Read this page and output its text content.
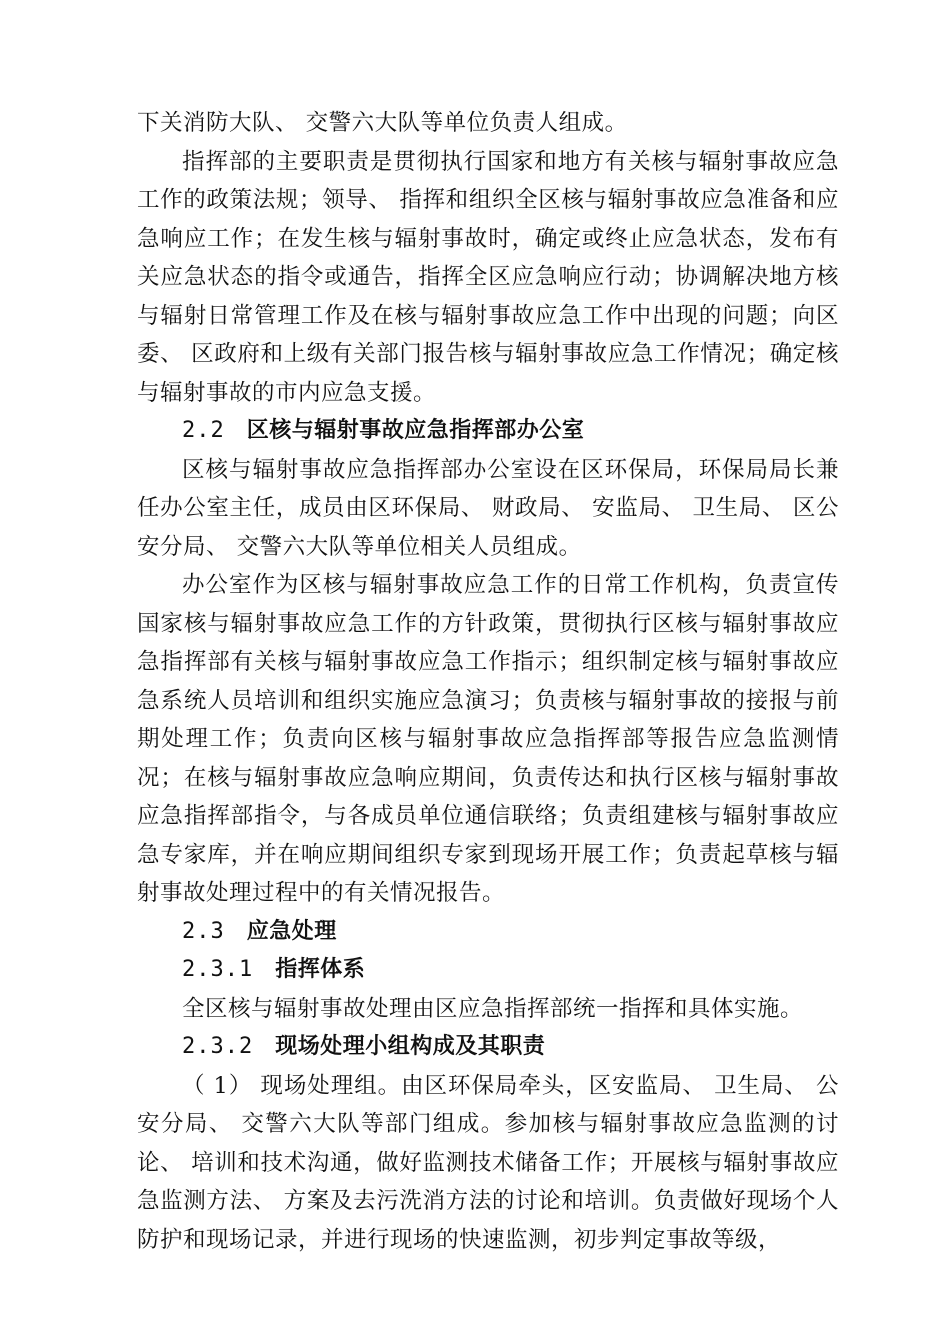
下关消防大队、 交警六大队等单位负责人组成。

指挥部的主要职责是贯彻执行国家和地方有关核与辐射事故应急工作的政策法规；领导、 指挥和组织全区核与辐射事故应急准备和应急响应工作；在发生核与辐射事故时，确定或终止应急状态，发布有关应急状态的指令或通告，指挥全区应急响应行动；协调解决地方核与辐射日常管理工作及在核与辐射事故应急工作中出现的问题；向区委、 区政府和上级有关部门报告核与辐射事故应急工作情况；确定核与辐射事故的市内应急支援。

2.2 区核与辐射事故应急指挥部办公室

区核与辐射事故应急指挥部办公室设在区环保局，环保局局长兼任办公室主任，成员由区环保局、 财政局、 安监局、 卫生局、 区公安分局、 交警六大队等单位相关人员组成。

办公室作为区核与辐射事故应急工作的日常工作机构，负责宣传国家核与辐射事故应急工作的方针政策，贯彻执行区核与辐射事故应急指挥部有关核与辐射事故应急工作指示；组织制定核与辐射事故应急系统人员培训和组织实施应急演习；负责核与辐射事故的接报与前期处理工作；负责向区核与辐射事故应急指挥部等报告应急监测情况；在核与辐射事故应急响应期间，负责传达和执行区核与辐射事故应急指挥部指令，与各成员单位通信联络；负责组建核与辐射事故应急专家库，并在响应期间组织专家到现场开展工作；负责起草核与辐射事故处理过程中的有关情况报告。

2.3 应急处理
2.3.1 指挥体系

全区核与辐射事故处理由区应急指挥部统一指挥和具体实施。

2.3.2 现场处理小组构成及其职责

（ 1） 现场处理组。由区环保局牵头，区安监局、 卫生局、 公安分局、 交警六大队等部门组成。参加核与辐射事故应急监测的讨论、 培训和技术沟通，做好监测技术储备工作；开展核与辐射事故应急监测方法、 方案及去污洗消方法的讨论和培训。负责做好现场个人防护和现场记录，并进行现场的快速监测，初步判定事故等级，
